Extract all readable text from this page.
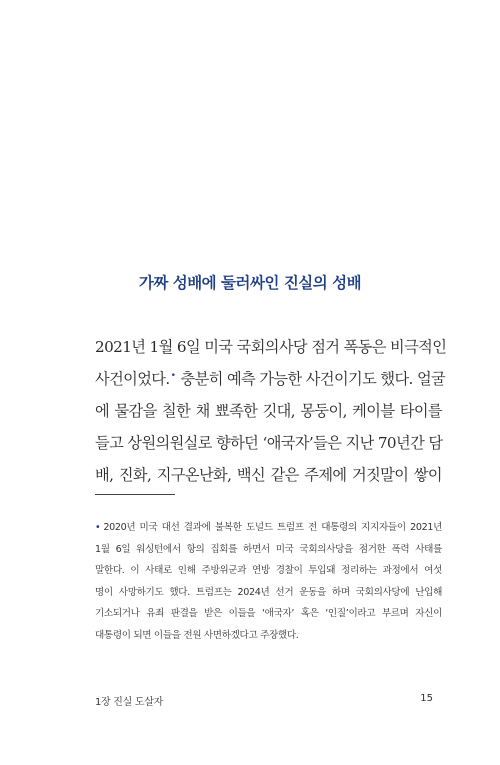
가짜 성배에 둘러싸인 진실의 성배
2021년 1월 6일 미국 국회의사당 점거 폭동은 비극적인
사건이었다.• 충분히 예측 가능한 사건이기도 했다. 얼굴
에 물감을 칠한 채 뾰족한 깃대, 몽둥이, 케이블 타이를
들고 상원의원실로 향하던 ‘애국자’들은 지난 70년간 담
배, 진화, 지구온난화, 백신 같은 주제에 거짓말이 쌓이
• 2020년 미국 대선 결과에 불복한 도널드 트럼프 전 대통령의 지지자들이 2021년
1월 6일 워싱턴에서 항의 집회를 하면서 미국 국회의사당을 점거한 폭력 사태를
말한다. 이 사태로 인해 주방위군과 연방 경찰이 투입돼 정리하는 과정에서 여섯
명이 사망하기도 했다. 트럼프는 2024년 선거 운동을 하며 국회의사당에 난입해
기소되거나 유죄 판결을 받은 이들을 ‘애국자’ 혹은 ‘인질’이라고 부르며 자신이
대통령이 되면 이들을 전원 사면하겠다고 주장했다.
1장 진실 도살자	15
